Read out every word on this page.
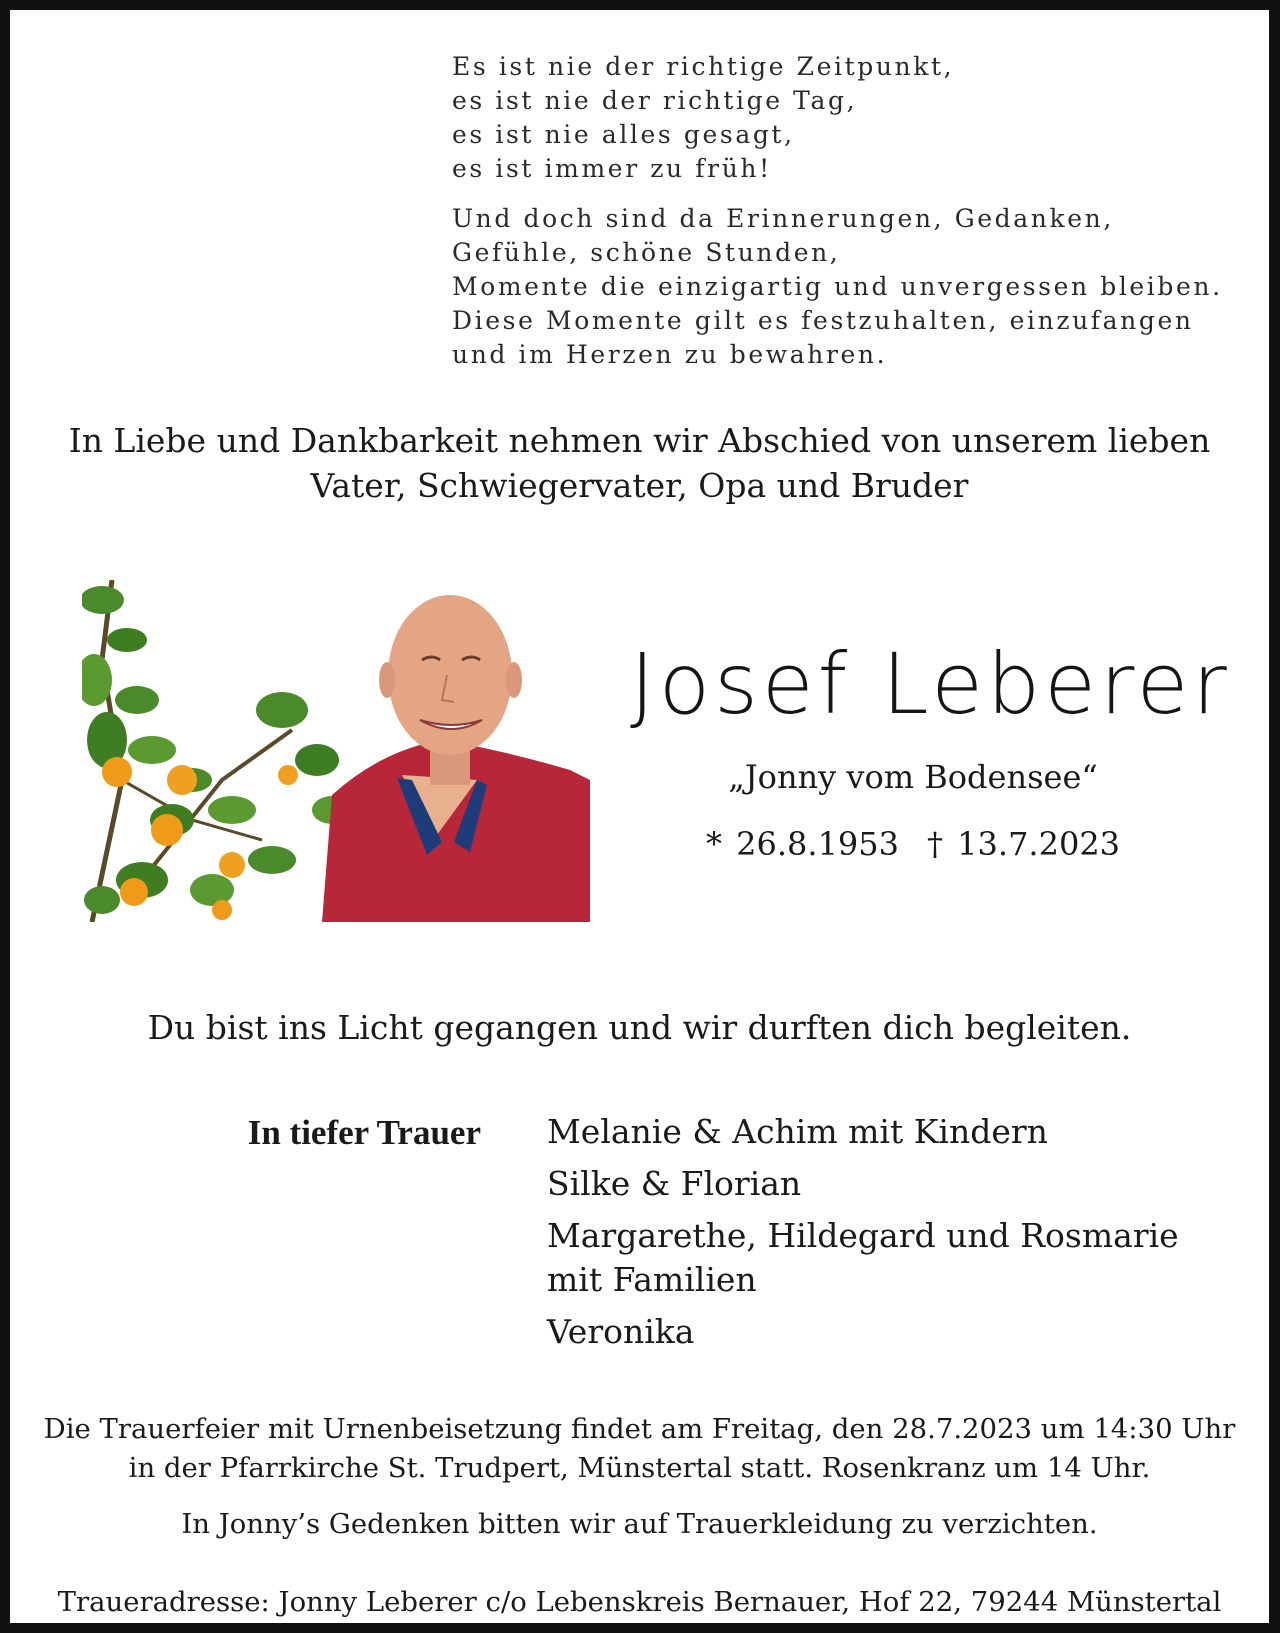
Es ist nie der richtige Zeitpunkt,
es ist nie der richtige Tag,
es ist nie alles gesagt,
es ist immer zu früh!
Und doch sind da Erinnerungen, Gedanken,
Gefühle, schöne Stunden,
Momente die einzigartig und unvergessen bleiben.
Diese Momente gilt es festzuhalten, einzufangen
und im Herzen zu bewahren.
In Liebe und Dankbarkeit nehmen wir Abschied von unserem lieben
Vater, Schwiegervater, Opa und Bruder
Josef Leberer
„Jonny vom Bodensee“
* 26.8.1953 † 13.7.2023
Du bist ins Licht gegangen und wir durften dich begleiten.
In tiefer Trauer Melanie & Achim mit Kindern
Silke & Florian
Margarethe, Hildegard und Rosmarie
mit Familien
Veronika
Die Trauerfeier mit Urnenbeisetzung findet am Freitag, den 28.7.2023 um 14:30 Uhr
in der Pfarrkirche St. Trudpert, Münstertal statt. Rosenkranz um 14 Uhr.
In Jonny’s Gedenken bitten wir auf Trauerkleidung zu verzichten.
Traueradresse: Jonny Leberer c/o Lebenskreis Bernauer, Hof 22, 79244 Münstertal
